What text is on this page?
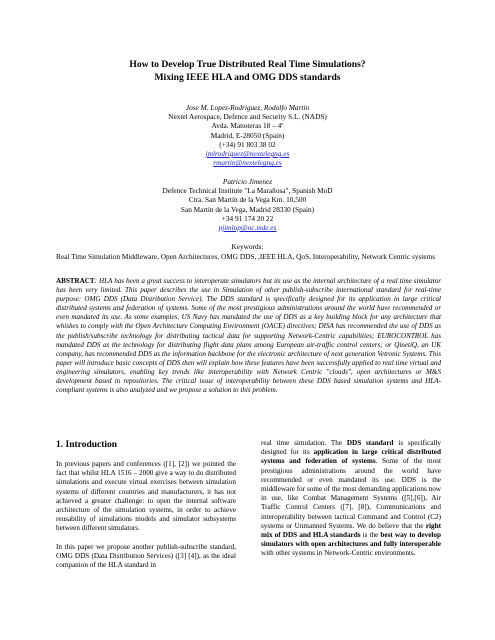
How to Develop True Distributed Real Time Simulations?
Mixing IEEE HLA and OMG DDS standards
Jose M. Lopez-Rodriguez, Rodolfo Martin
Nextel Aerospace, Defence and Security S.L. (NADS)
Avda. Manoteras 18 – 4º
Madrid, E-28050 (Spain)
(+34) 91 803 38 02
jmlrodriguez@nextelegng.es
rmartin@nextelegng.es
Patricio Jimenez
Defence Technical Institute "La Marañosa", Spanish MoD
Ctra. San Martín de la Vega Km. 10,500
San Martín de la Vega, Madrid 28330 (Spain)
+34 91 174 20 22
pjimlop@oc.mde.es
Keywords:
Real Time Simulation Middleware, Open Architectures, OMG DDS, ,IEEE HLA, QoS, Interoperability, Network Centric systems
ABSTRACT: HLA has been a great success to interoperate simulators but its use as the internal architecture of a real time simulator has been very limited. This paper describes the use in Simulation of other publish-subscribe international standard for real-time purpose: OMG DDS (Data Distribution Service). The DDS standard is specifically designed for its application in large critical distributed systems and federation of systems. Some of the most prestigious administrations around the world have recommended or even mandated its use. As some examples, US Navy has mandated the use of DDS as a key building block for any architecture that whishes to comply with the Open Architecture Computing Environment (OACE) directives; DISA has recommended the use of DDS as the publish/subscribe technology for distributing tactical data for supporting Network-Centric capabilities; EUROCONTROL has mandated DDS as the technology for distributing flight data plans among European air-traffic control centers; or QinetiQ, an UK company, has recommended DDS as the information backbone for the electronic architecture of next generation Vetronic Systems. This paper will introduce basic concepts of DDS then will explain how these features have been successfully applied to real time virtual and engineering simulators, enabling key trends like interoperability with Network Centric "clouds", open architectures or M&S development based in repositories. The critical issue of interoperability between these DDS based simulation systems and HLA-compliant systems is also analyzed and we propose a solution to this problem.
1. Introduction

In previous papers and conferences ([1], [2]) we pointed the fact that whilst HLA 1516 – 2000 give a way to do distributed simulations and execute virtual exercises between simulation systems of different countries and manufacturers, it has not achieved a greater challenge: to open the internal software architecture of the simulation systems, in order to achieve reusability of simulations models and simulator subsystems between different simulators.

In this paper we propose another publish-subscribe standard, OMG DDS (Data Distribution Services) ([3] [4]), as the ideal companion of the HLA standard in

real time simulation. The DDS standard is specifically designed for its application in large critical distributed systems and federation of systems. Some of the most prestigious administrations around the world have recommended or even mandated its use. DDS is the middleware for some of the most demanding applications now in use, like Combat Management Systems ([5],[6]), Air Traffic Control Centers ([7], [8]), Communications and interoperability between tactical Command and Control (C2) systems or Unmanned Systems. We do believe that the right mix of DDS and HLA standards is the best way to develop simulators with open architectures and fully interoperable with other systems in Network-Centric environments.
